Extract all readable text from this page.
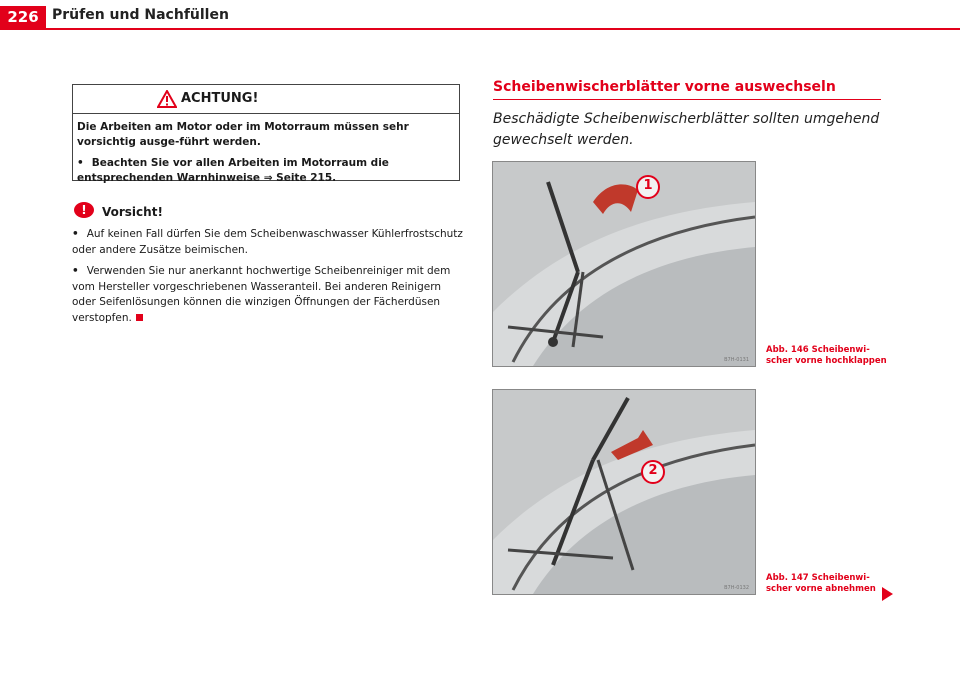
226 Prüfen und Nachfüllen
ACHTUNG!

Die Arbeiten am Motor oder im Motorraum müssen sehr vorsichtig ausge-führt werden.

• Beachten Sie vor allen Arbeiten im Motorraum die entsprechenden Warnhinweise ⇒ Seite 215.

!	Vorsicht!

• Auf keinen Fall dürfen Sie dem Scheibenwaschwasser Kühlerfrostschutz oder andere Zusätze beimischen.

• Verwenden Sie nur anerkannt hochwertige Scheibenreiniger mit dem vom Hersteller vorgeschriebenen Wasseranteil. Bei anderen Reinigern oder Seifenlösungen können die winzigen Öffnungen der Fächerdüsen verstopfen.

Scheibenwischerblätter vorne auswechseln
Beschädigte Scheibenwischerblätter sollten umgehend gewechselt werden.
1
B7H-0131
Abb. 146 Scheibenwi-
scher vorne hochklappen
2
B7H-0132
Abb. 147 Scheibenwi-
scher vorne abnehmen
